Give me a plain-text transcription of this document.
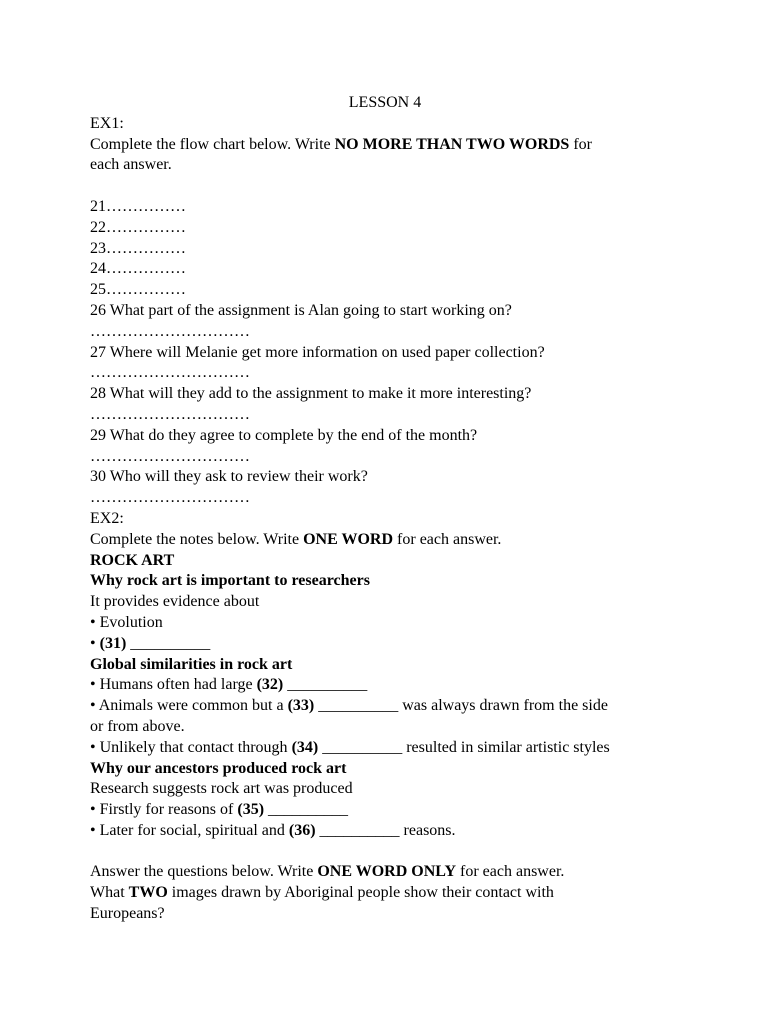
LESSON 4
EX1:
Complete the flow chart below. Write NO MORE THAN TWO WORDS for
each answer.
21……………
22……………
23……………
24……………
25……………
26 What part of the assignment is Alan going to start working on?
…………………………
27 Where will Melanie get more information on used paper collection?
…………………………
28 What will they add to the assignment to make it more interesting?
…………………………
29 What do they agree to complete by the end of the month?
…………………………
30 Who will they ask to review their work?
…………………………
EX2:
Complete the notes below. Write ONE WORD for each answer.
ROCK ART
Why rock art is important to researchers
It provides evidence about
• Evolution
• (31) __________
Global similarities in rock art
• Humans often had large (32) __________
• Animals were common but a (33) __________ was always drawn from the side
or from above.
• Unlikely that contact through (34) __________ resulted in similar artistic styles
Why our ancestors produced rock art
Research suggests rock art was produced
• Firstly for reasons of (35) __________
• Later for social, spiritual and (36) __________ reasons.
Answer the questions below. Write ONE WORD ONLY for each answer.
What TWO images drawn by Aboriginal people show their contact with
Europeans?
